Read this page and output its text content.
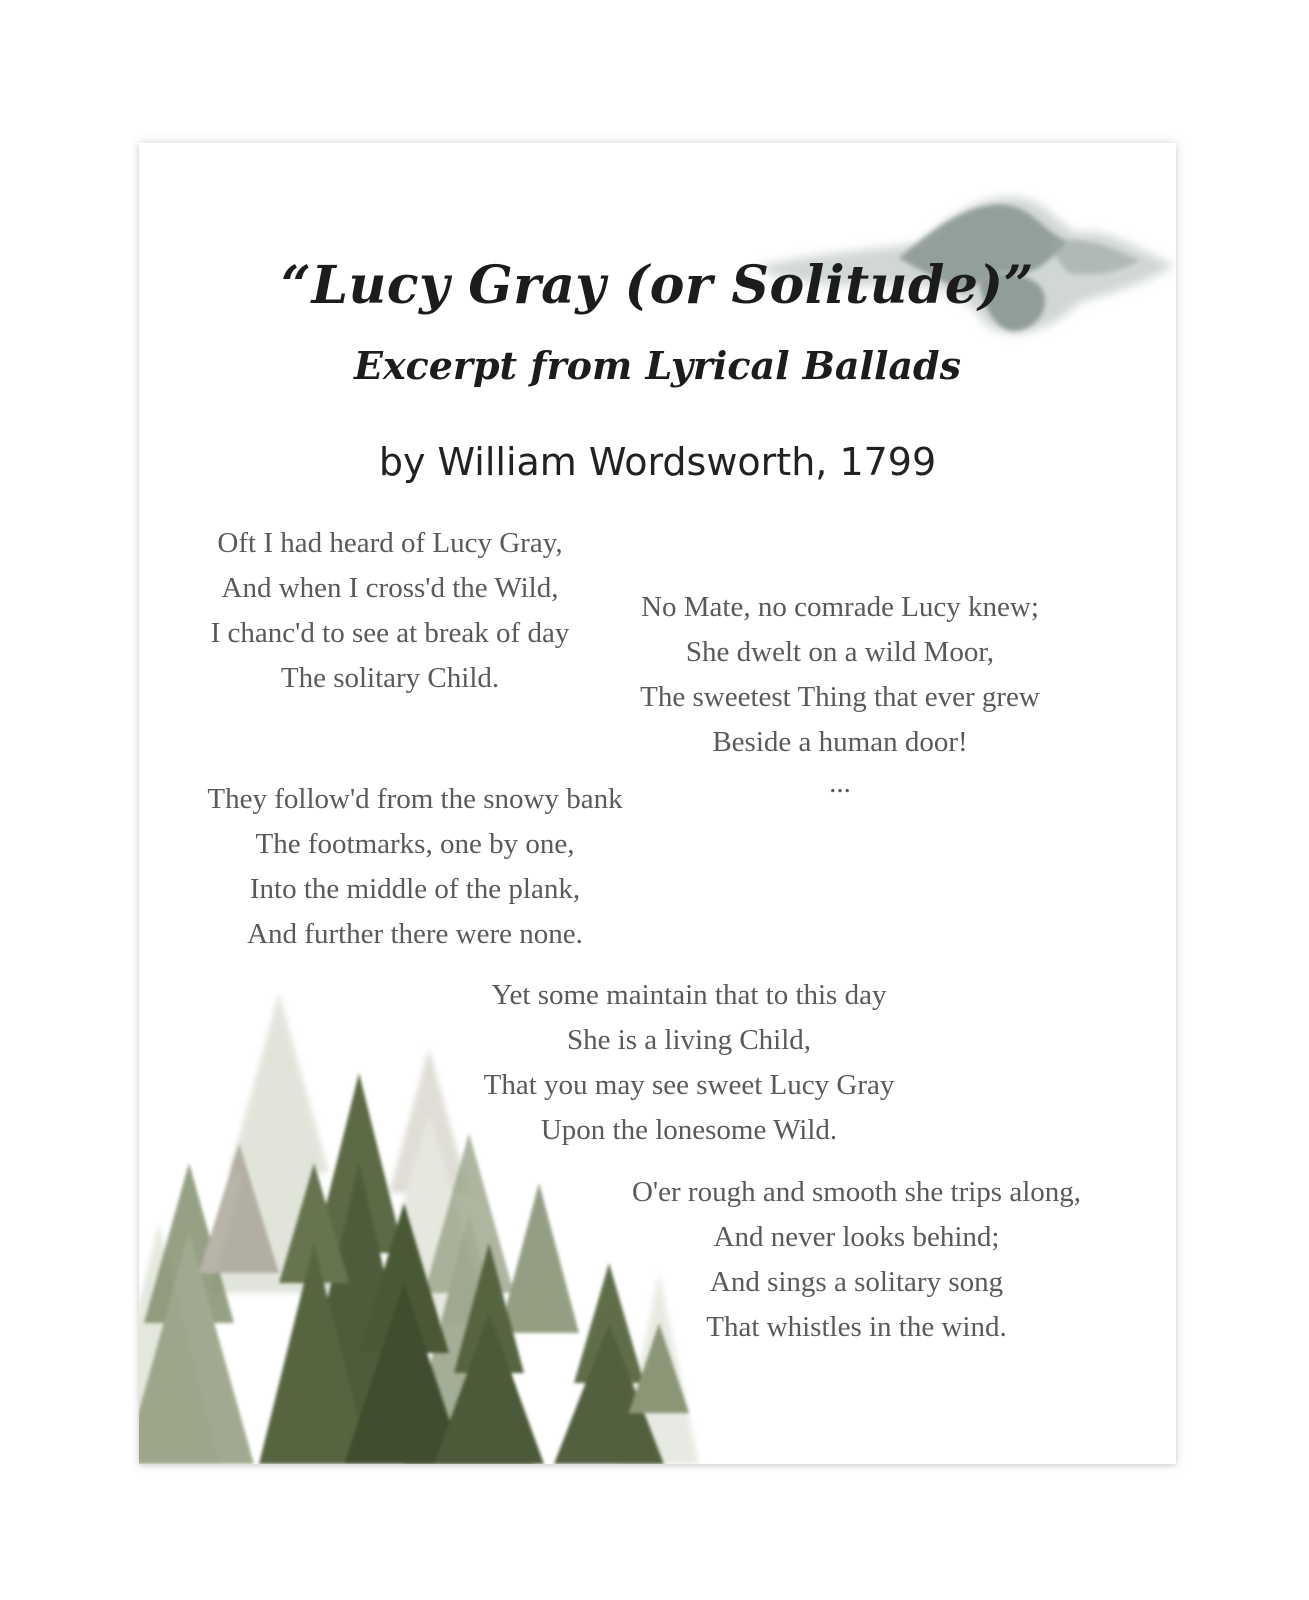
“Lucy Gray (or Solitude)”
Excerpt from Lyrical Ballads
by William Wordsworth, 1799
Oft I had heard of Lucy Gray,
And when I cross'd the Wild,
I chanc'd to see at break of day
The solitary Child.
No Mate, no comrade Lucy knew;
She dwelt on a wild Moor,
The sweetest Thing that ever grew
Beside a human door!
...
They follow'd from the snowy bank
The footmarks, one by one,
Into the middle of the plank,
And further there were none.
Yet some maintain that to this day
She is a living Child,
That you may see sweet Lucy Gray
Upon the lonesome Wild.
O'er rough and smooth she trips along,
And never looks behind;
And sings a solitary song
That whistles in the wind.
